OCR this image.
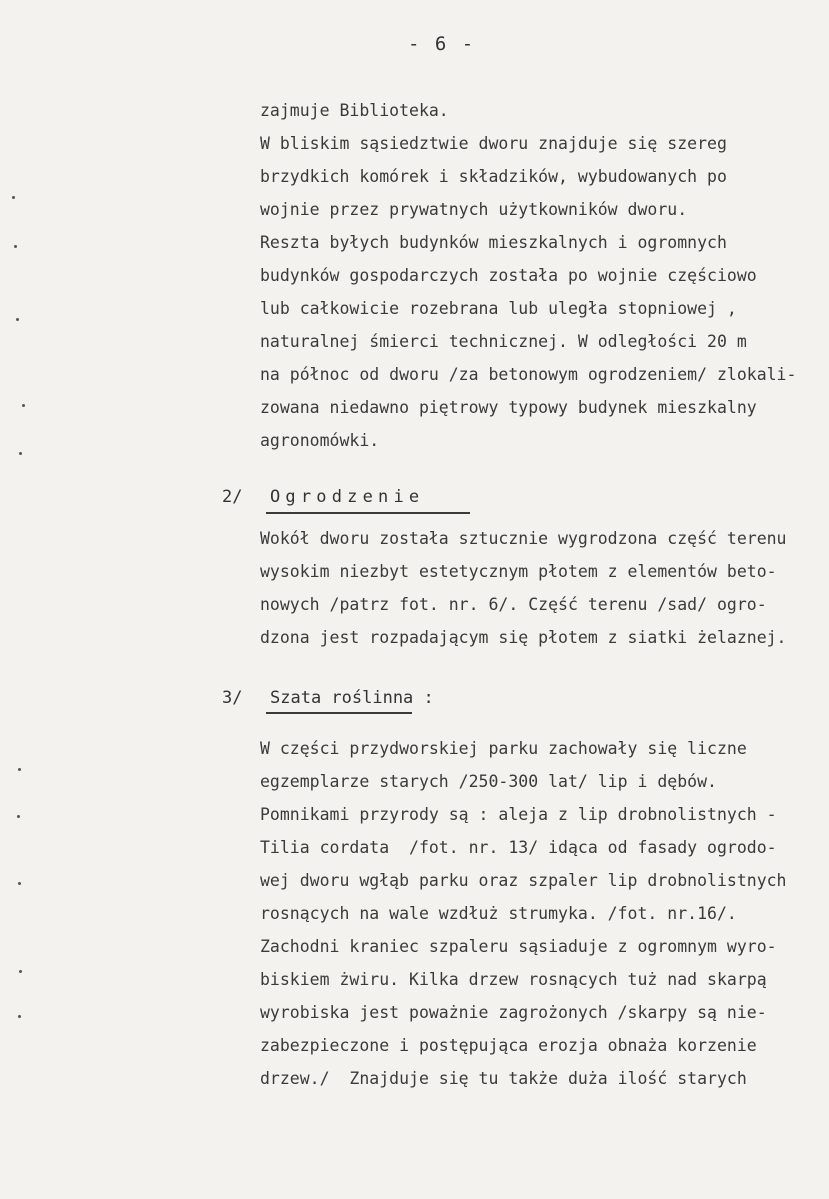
- 6 -
zajmuje Biblioteka.
W bliskim sąsiedztwie dworu znajduje się szereg
brzydkich komórek i składzików, wybudowanych po
wojnie przez prywatnych użytkowników dworu.
Reszta byłych budynków mieszkalnych i ogromnych
budynków gospodarczych została po wojnie częściowo
lub całkowicie rozebrana lub uległa stopniowej ,
naturalnej śmierci technicznej. W odległości 20 m
na północ od dworu /za betonowym ogrodzeniem/ zlokali-
zowana niedawno piętrowy typowy budynek mieszkalny
agronomówki.
2/ Ogrodzenie
Wokół dworu została sztucznie wygrodzona część terenu
wysokim niezbyt estetycznym płotem z elementów beto-
nowych /patrz fot. nr. 6/. Część terenu /sad/ ogro-
dzona jest rozpadającym się płotem z siatki żelaznej.
3/ Szata roślinna :
W części przydworskiej parku zachowały się liczne
egzemplarze starych /250-300 lat/ lip i dębów.
Pomnikami przyrody są : aleja z lip drobnolistnych -
Tilia cordata  /fot. nr. 13/ idąca od fasady ogrodo-
wej dworu wgłąb parku oraz szpaler lip drobnolistnych
rosnących na wale wzdłuż strumyka. /fot. nr.16/.
Zachodni kraniec szpaleru sąsiaduje z ogromnym wyro-
biskiem żwiru. Kilka drzew rosnących tuż nad skarpą
wyrobiska jest poważnie zagrożonych /skarpy są nie-
zabezpieczone i postępująca erozja obnaża korzenie
drzew./  Znajduje się tu także duża ilość starych
